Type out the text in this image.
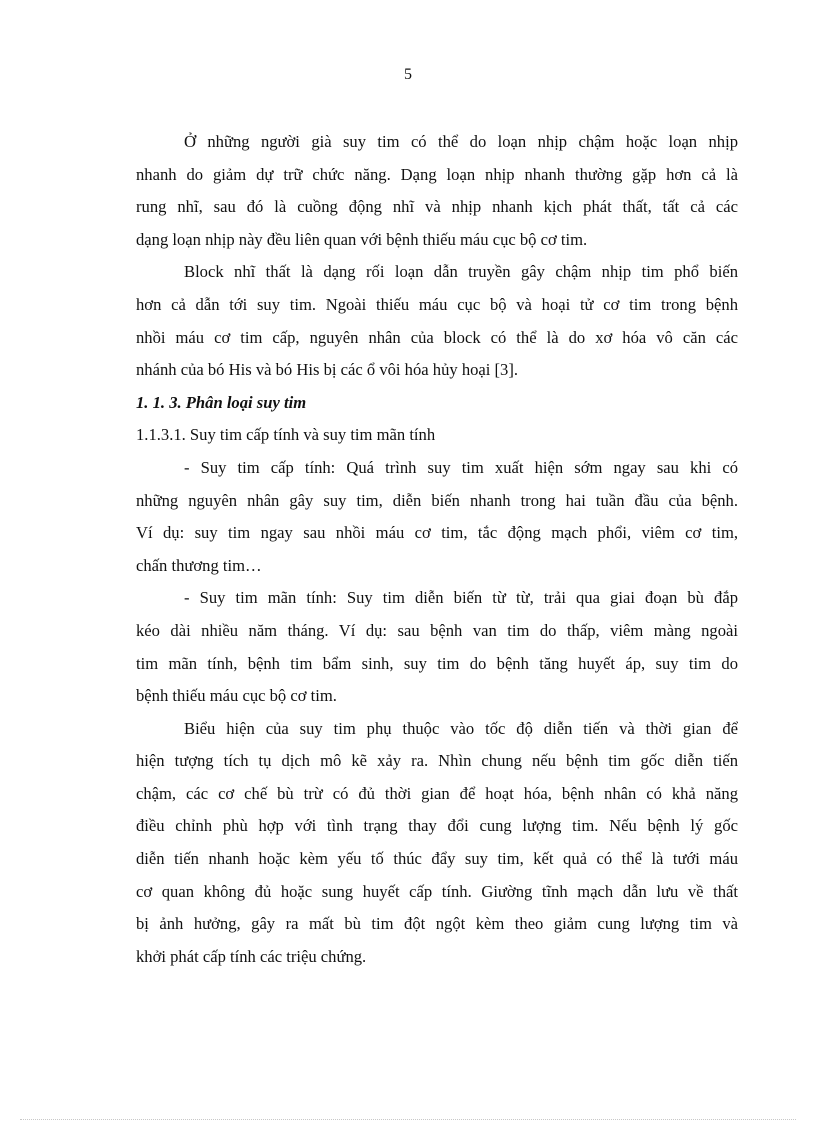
5
Ở những người già suy tim có thể do loạn nhịp chậm hoặc loạn nhịp
nhanh do giảm dự trữ chức năng. Dạng loạn nhịp nhanh thường gặp hơn cả là
rung nhĩ, sau đó là cuồng động nhĩ và nhịp nhanh kịch phát thất, tất cả các
dạng loạn nhịp này đều liên quan với bệnh thiếu máu cục bộ cơ tim.
Block nhĩ thất là dạng rối loạn dẫn truyền gây chậm nhịp tim phổ biến
hơn cả dẫn tới suy tim. Ngoài thiếu máu cục bộ và hoại tử cơ tim trong bệnh
nhồi máu cơ tim cấp, nguyên nhân của block có thể là do xơ hóa vô căn các
nhánh của bó His và bó His bị các ổ vôi hóa hủy hoại [3].
1. 1. 3. Phân loại suy tim
1.1.3.1. Suy tim cấp tính và suy tim mãn tính
- Suy tim cấp tính: Quá trình suy tim xuất hiện sớm ngay sau khi có
những nguyên nhân gây suy tim, diễn biến nhanh trong hai tuần đầu của bệnh.
Ví dụ: suy tim ngay sau nhồi máu cơ tim, tắc động mạch phổi, viêm cơ tim,
chấn thương tim…
- Suy tim mãn tính: Suy tim diễn biến từ từ, trải qua giai đoạn bù đắp
kéo dài nhiều năm tháng. Ví dụ: sau bệnh van tim do thấp, viêm màng ngoài
tim mãn tính, bệnh tim bẩm sinh, suy tim do bệnh tăng huyết áp, suy tim do
bệnh thiếu máu cục bộ cơ tim.
Biểu hiện của suy tim phụ thuộc vào tốc độ diễn tiến và thời gian để
hiện tượng tích tụ dịch mô kẽ xảy ra. Nhìn chung nếu bệnh tim gốc diễn tiến
chậm, các cơ chế bù trừ có đủ thời gian để hoạt hóa, bệnh nhân có khả năng
điều chỉnh phù hợp với tình trạng thay đổi cung lượng tim. Nếu bệnh lý gốc
diễn tiến nhanh hoặc kèm yếu tố thúc đẩy suy tim, kết quả có thể là tưới máu
cơ quan không đủ hoặc sung huyết cấp tính. Giường tĩnh mạch dẫn lưu về thất
bị ảnh hưởng, gây ra mất bù tim đột ngột kèm theo giảm cung lượng tim và
khởi phát cấp tính các triệu chứng.
